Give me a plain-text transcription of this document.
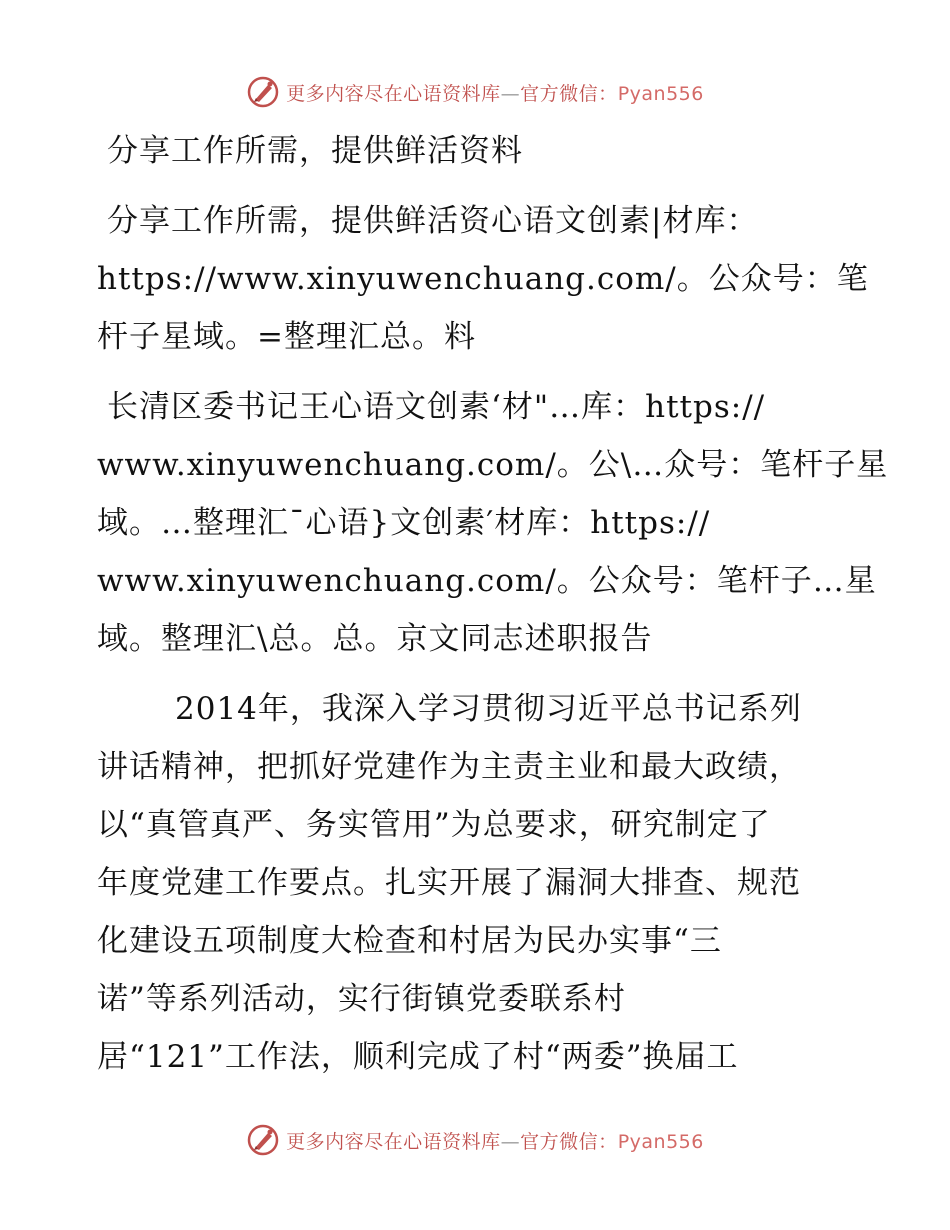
更多内容尽在心语资料库—官方微信：Pyan556

分享工作所需，提供鲜活资料

分享工作所需，提供鲜活资心语文创素|材库：
https://www.xinyuwenchuang.com/。公众号：笔
杆子星域。=整理汇总。料

长清区委书记王心语文创素‘材"…库：https://
www.xinyuwenchuang.com/。公\…众号：笔杆子星
域。…整理汇¯心语}文创素′材库：https://
www.xinyuwenchuang.com/。公众号：笔杆子…星
域。整理汇\总。总。京文同志述职报告

2014年，我深入学习贯彻习近平总书记系列
讲话精神，把抓好党建作为主责主业和最大政绩，
以“真管真严、务实管用”为总要求，研究制定了
年度党建工作要点。扎实开展了漏洞大排查、规范
化建设五项制度大检查和村居为民办实事“三
诺”等系列活动，实行街镇党委联系村
居“121”工作法，顺利完成了村“两委”换届工

更多内容尽在心语资料库—官方微信：Pyan556
